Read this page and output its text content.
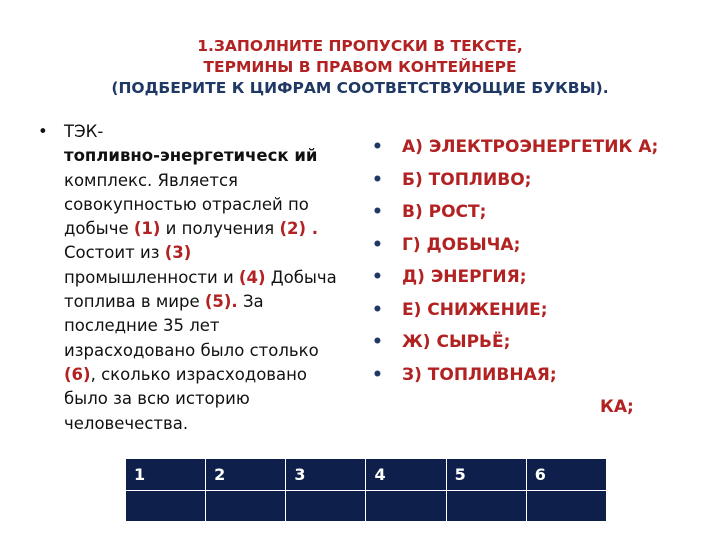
1.ЗАПОЛНИТЕ ПРОПУСКИ В ТЕКСТЕ,
ТЕРМИНЫ В ПРАВОМ КОНТЕЙНЕРЕ
(ПОДБЕРИТЕ К ЦИФРАМ СООТВЕТСТВУЮЩИЕ БУКВЫ).
• ТЭК-
топливно-энергетическ ий комплекс. Является совокупностью отраслей по добыче (1) и получения (2) . Состоит из (3) промышленности и (4) Добыча топлива в мире (5). За последние 35 лет израсходовано было столько (6), сколько израсходовано было за всю историю человечества.
• А) ЭЛЕКТРОЭНЕРГЕТИК А;
• Б) ТОПЛИВО;
• В) РОСТ;
• Г) ДОБЫЧА;
• Д) ЭНЕРГИЯ;
• Е) СНИЖЕНИЕ;
• Ж) СЫРЬЁ;
• З) ТОПЛИВНАЯ;
КА;
1	2	3	4	5	6
